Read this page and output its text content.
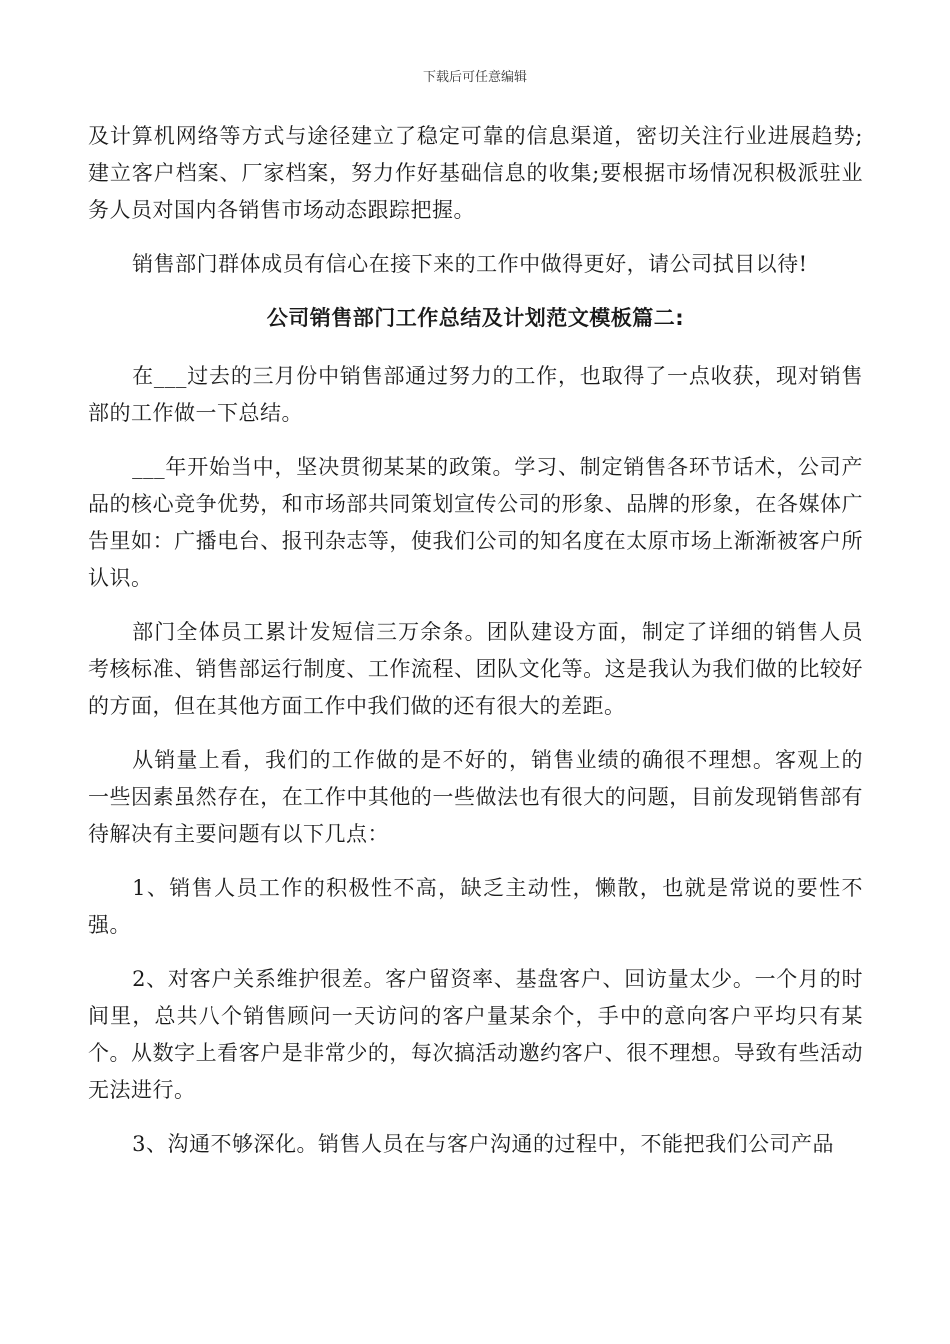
下载后可任意编辑

及计算机网络等方式与途径建立了稳定可靠的信息渠道，密切关注行业进展趋势;建立客户档案、厂家档案，努力作好基础信息的收集;要根据市场情况积极派驻业务人员对国内各销售市场动态跟踪把握。

销售部门群体成员有信心在接下来的工作中做得更好，请公司拭目以待!

公司销售部门工作总结及计划范文模板篇二:

在___过去的三月份中销售部通过努力的工作，也取得了一点收获，现对销售部的工作做一下总结。

___年开始当中，坚决贯彻某某的政策。学习、制定销售各环节话术，公司产品的核心竞争优势，和市场部共同策划宣传公司的形象、品牌的形象，在各媒体广告里如：广播电台、报刊杂志等，使我们公司的知名度在太原市场上渐渐被客户所认识。

部门全体员工累计发短信三万余条。团队建设方面，制定了详细的销售人员考核标准、销售部运行制度、工作流程、团队文化等。这是我认为我们做的比较好的方面，但在其他方面工作中我们做的还有很大的差距。

从销量上看，我们的工作做的是不好的，销售业绩的确很不理想。客观上的一些因素虽然存在，在工作中其他的一些做法也有很大的问题，目前发现销售部有待解决有主要问题有以下几点：

1、销售人员工作的积极性不高，缺乏主动性，懒散，也就是常说的要性不强。

2、对客户关系维护很差。客户留资率、基盘客户、回访量太少。一个月的时间里，总共八个销售顾问一天访问的客户量某余个，手中的意向客户平均只有某个。从数字上看客户是非常少的，每次搞活动邀约客户、很不理想。导致有些活动无法进行。

3、沟通不够深化。销售人员在与客户沟通的过程中，不能把我们公司产品
